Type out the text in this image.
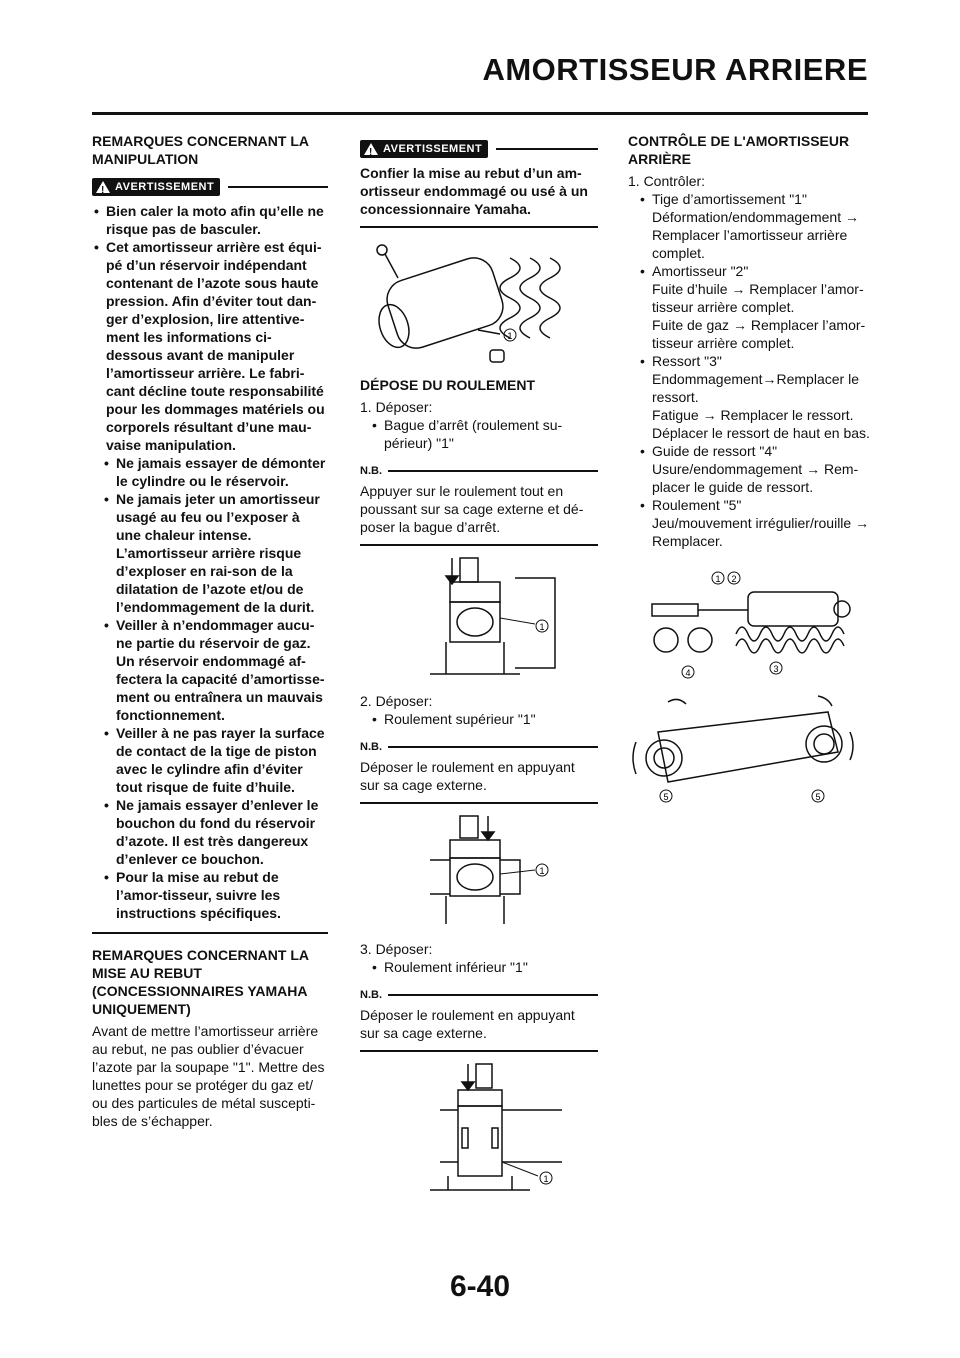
AMORTISSEUR ARRIERE

REMARQUES CONCERNANT LA MANIPULATION

!
AVERTISSEMENT
• Bien caler la moto afin qu’elle ne risque pas de basculer.
• Cet amortisseur arrière est équi-pé d’un réservoir indépendant contenant de l’azote sous haute pression. Afin d’éviter tout dan-ger d’explosion, lire attentive-ment les informations ci-dessous avant de manipuler l’amortisseur arrière. Le fabri-cant décline toute responsabilité pour les dommages matériels ou corporels résultant d’une mau-vaise manipulation.
• Ne jamais essayer de démonter le cylindre ou le réservoir.
• Ne jamais jeter un amortisseur usagé au feu ou l’exposer à une chaleur intense. L’amortisseur arrière risque d’exploser en rai-son de la dilatation de l’azote et/ou de l’endommagement de la durit.
• Veiller à n’endommager aucu-ne partie du réservoir de gaz. Un réservoir endommagé af-fectera la capacité d’amortisse-ment ou entraînera un mauvais fonctionnement.
• Veiller à ne pas rayer la surface de contact de la tige de piston avec le cylindre afin d’éviter tout risque de fuite d’huile.
• Ne jamais essayer d’enlever le bouchon du fond du réservoir d’azote. Il est très dangereux d’enlever ce bouchon.
• Pour la mise au rebut de l’amor-tisseur, suivre les instructions spécifiques.

REMARQUES CONCERNANT LA MISE AU REBUT (CONCESSIONNAIRES YAMAHA UNIQUEMENT)

Avant de mettre l’amortisseur arrière au rebut, ne pas oublier d’évacuer l’azote par la soupape "1". Mettre des lunettes pour se protéger du gaz et/ ou des particules de métal suscepti-bles de s’échapper.

!
AVERTISSEMENT

Confier la mise au rebut d’un am-ortisseur endommagé ou usé à un concessionnaire Yamaha.

1

DÉPOSE DU ROULEMENT

1. Déposer:

• Bague d’arrêt (roulement su-périeur) "1"
N.B.

Appuyer sur le roulement tout en poussant sur sa cage externe et dé-poser la bague d’arrêt.

1

2. Déposer:

• Roulement supérieur "1"
N.B.

Déposer le roulement en appuyant sur sa cage externe.

1

3. Déposer:

• Roulement inférieur "1"
N.B.

Déposer le roulement en appuyant sur sa cage externe.

1

CONTRÔLE DE L'AMORTISSEUR ARRIÈRE

1. Contrôler:

• Tige d’amortissement "1"
Déformation/endommagement → Remplacer l’amortisseur arrière complet.
• Amortisseur "2"
Fuite d’huile → Remplacer l’amor-tisseur arrière complet.
Fuite de gaz → Remplacer l’amor-tisseur arrière complet.
• Ressort "3"
Endommagement→Remplacer le ressort.
Fatigue → Remplacer le ressort. Déplacer le ressort de haut en bas.
• Guide de ressort "4"
Usure/endommagement → Rem-placer le guide de ressort.
• Roulement "5"
Jeu/mouvement irrégulier/rouille → Remplacer.
1 2
3
4
5	5

6-40
